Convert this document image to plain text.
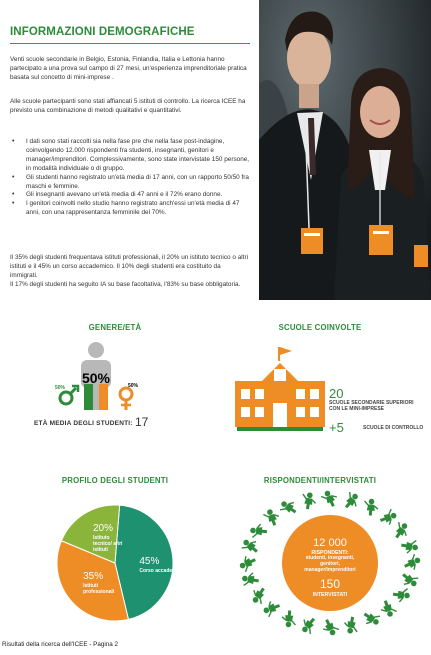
INFORMAZIONI DEMOGRAFICHE
Venti scuole secondarie in Belgio, Estonia, Finlandia, Italia e Lettonia hanno partecipato a una prova sul campo di 27 mesi, un'esperienza imprenditoriale pratica basata sul concetto di mini-imprese .
Alle scuole partecipanti sono stati affiancati 5 istituti di controllo. La ricerca ICEE ha previsto una combinazione di metodi qualitativi e quantitativi.
• I dati sono stati raccolti sia nella fase pre che nella fase post-indagine, coinvolgendo 12.000 rispondenti fra studenti, insegnanti, genitori e manager/imprenditori. Complessivamente, sono state intervistate 150 persone, in modalità individuale o di gruppo.
• Gli studenti hanno registrato un'età media di 17 anni, con un rapporto 50/50 fra maschi e femmine.
• Gli insegnanti avevano un'età media di 47 anni e il 72% erano donne.
• I genitori coinvolti nello studio hanno registrato anch'essi un'età media di 47 anni, con una rappresentanza femminile del 70%.
Il 35% degli studenti frequentava istituti professionali, il 20% un istituto tecnico o altri istituti e il 45% un corso accademico. Il 10% degli studenti era costituito da immigrati.
Il 17% degli studenti ha seguito IA su base facoltativa, l'83% su base obbligatoria.
GENERE/ETÀ	SCUOLE COINVOLTE
PROFILO DEGLI STUDENTI	RISPONDENTI/INTERVISTATI
50%
50%	50%
ETÀ MEDIA DEGLI STUDENTI: 17
20
SCUOLE SECONDARIE SUPERIORI CON LE MINI-IMPRESE
+5	SCUOLE DI CONTROLLO
45%
Corso accademico
35%
Istituti
professionali
20%
Istituto
tecnico/ altri
istituti
12 000
RISPONDENTI:
studenti, insegnanti, genitori, manager/imprenditori
150
INTERVISTATI
Risultati della ricerca dell'ICEE - Pagina 2
